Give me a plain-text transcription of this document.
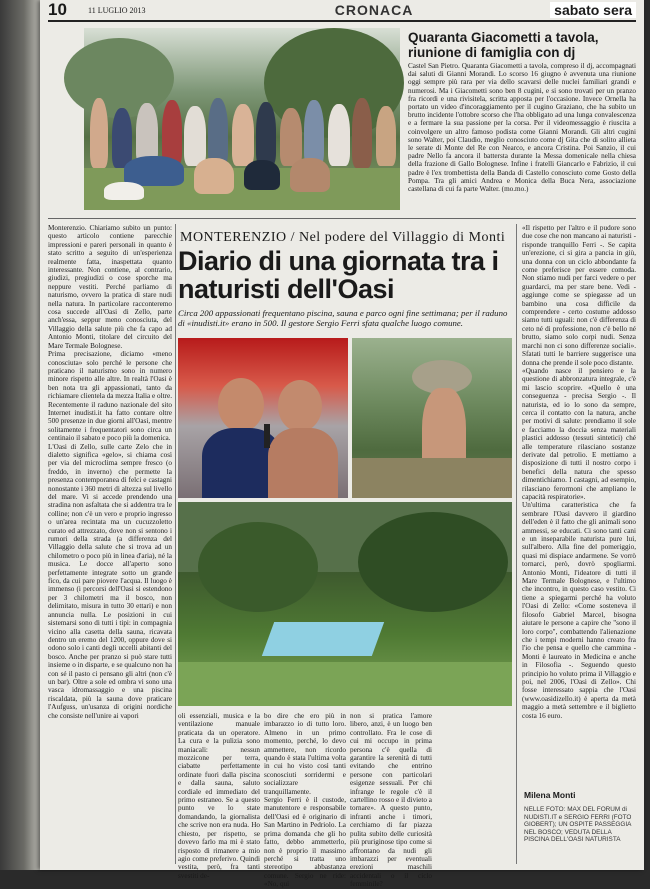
10	11 LUGLIO 2013	CRONACA	sabato sera
Quaranta Giacometti a tavola, riunione di famiglia con dj
Castel San Pietro. Quaranta Giacometti a tavola, compreso il dj, accompagnati dai saluti di Gianni Morandi. Lo scorso 16 giugno è avvenuta una riunione oggi sempre più rara per via dello scavarsi delle nuclei familiari grandi e numerosi. Ma i Giacometti sono ben 8 cugini, e si sono trovati per un pranzo fra ricordi e una rivisitela, scritta apposta per l'occasione. Invece Ornella ha portato un video d'incoraggiamento per il cugino Graziano, che ha subito un brutto incidente l'ottobre scorso che l'ha obbligato ad una lunga convalescenza e a fermare la sua passione per la corsa. Per il videomessaggio è riuscita a coinvolgere un altro famoso podista come Gianni Morandi. Gli altri cugini sono Walter, poi Claudio, meglio conosciuto come dj Gita che di solito allieta le serate di Monte del Re con Nearco, e ancora Cristina. Poi Sanzio, il cui padre Nello fa ancora il battersta durante la Messa domenicale nella chiesa della frazione di Gallo Bolognese. Infine i fratelli Giancarlo e Fabrizio, il cui padre è l'ex trombettista della Banda di Castello conosciuto come Gosto della Pompa. Tra gli amici Andrea e Monica della Buca Nera, associazione castellana di cui fa parte Walter. (mo.mo.)
Monterenzio. Chiariamo subito un punto: questo articolo contiene parecchie impressioni e pareri personali in quanto è stato scritto a seguito di un'esperienza realmente fatta, inaspettata quanto interessante. Non contiene, al contrario, giudizi, pregiudizi o cose sporche ma neppure vestiti. Perché parliamo di naturismo, ovvero la pratica di stare nudi nella natura. In particolare racconteremo cosa succede all'Oasi di Zello, parte anch'essa, seppur meno conosciuta, del Villaggio della salute più che fa capo ad Antonio Monti, titolare del circuito del Mare Termale Bolognese.
Prima precisazione, diciamo «meno conosciuta» solo perché le persone che praticano il naturismo sono in numero minore rispetto alle altre. In realtà l'Oasi è ben nota tra gli appassionati, tanto da richiamare clientela da mezza Italia e oltre. Recentemente il raduno nazionale del sito Internet inudisti.it ha fatto contare oltre 500 presenze in due giorni all'Oasi, mentre solitamente i frequentatori sono circa un centinaio il sabato e poco più la domenica.
L'Oasi di Zello, sulle carte Zelo che in dialetto significa «gelo», si chiama così per via del microclima sempre fresco (o freddo, in inverno) che permette la presenza contemporanea di felci e castagni nonostante i 360 metri di altezza sul livello del mare. Vi si accede prendendo una stradina non asfaltata che si addentra tra le colline; non c'è un vero e proprio ingresso o un'area recintata ma un cucuzzoletto curato ed attrezzato, dove non si sentono i rumori della strada (a differenza del Villaggio della salute che si trova ad un chilometro o poco più in linea d'aria), né la musica. Le docce all'aperto sono perfettamente integrate sotto un grande fico, da cui pare piovere l'acqua. Il luogo è immenso (i percorsi dell'Oasi si estendono per 3 chilometri ma il bosco, non delimitato, misura in tutto 30 ettari) e non annuncia nulla. Le posizioni in cui sistemarsi sono di tutti i tipi: in compagnia vicino alla casetta della sauna, ricavata dentro un eremo del 1200, oppure dove si odono solo i canti degli uccelli abitanti del bosco. Anche per pranzo si può stare tutti insieme o in disparte, e se qualcuno non ha con sé il pasto ci pensano gli altri (non c'è un bar). Oltre a sole ed ombra vi sono una vasca idromassaggio e una piscina riscaldata, più la sauna dove praticare l'Aufguss, un'usanza di origini nordiche che consiste nell'unire ai vapori
MONTERENZIO / Nel podere del Villaggio di Monti
Diario di una giornata tra i naturisti dell'Oasi
Circa 200 appassionati frequentano piscina, sauna e parco ogni fine settimana; per il raduno di «inudisti.it» erano in 500. Il gestore Sergio Ferri sfata qualche luogo comune.
oli essenziali, musica e la ventilazione manuale praticata da un operatore. La cura e la pulizia sono maniacali: nessun mozzicone per terra, ciabatte perfettamente ordinate fuori dalla piscina e dalla sauna, saluto cordiale ed immediato del primo estraneo. Se a questo punto ve lo state domandando, la giornalista che scrive non era nuda. Ho chiesto, per rispetto, se dovevo farlo ma mi è stato risposto di rimanere a mio agio come preferivo. Quindi vestita, però, fra tanti svestiti de-
bo dire che ero più in imbarazzo io di tutto loro. Almeno in un primo momento, perché, lo devo ammettere, non ricordo quando è stata l'ultima volta in cui ho visto così tanti sconosciuti sorridermi e socializzare tranquillamente.
Sergio Ferri è il custode, manutentore e responsabile dell'Oasi ed è originario di San Martino in Pedriolo. La prima domanda che gli ho fatto, debbo ammetterlo, non è proprio il massimo perché si tratta uno stereotipo abbastanza comune. Sergio ne ride: «No, qui
non si pratica l'amore libero, anzi, è un luogo ben controllato. Fra le cose di cui mi occupo in prima persona c'è quella di garantire la serenità di tutti evitando che entrino persone con particolari esigenze sessuali. Per chi infrange le regole c'è il cartellino rosso e il divieto a tornare». A questo punto, infranti anche i timori, cerchiamo di far piazza pulita subito delle curiosità più pruriginose tipo come si affrontano da nudi gli imbarazzi per eventuali erezioni maschili accidentali o il ciclo femminile?
«Il rispetto per l'altro e il pudore sono due cose che non mancano ai naturisti - risponde tranquillo Ferri -. Se capita un'erezione, ci si gira a pancia in giù, una donna con un ciclo abbondante fa come preferisce per essere comoda. Non stiamo nudi per farci vedere o per guardarci, ma per stare bene. Vedi - aggiunge come se spiegasse ad un bambino una cosa difficile da comprendere - certo costume addosso siamo tutti uguali: non c'è differenza di ceto né di professione, non c'è bello né brutto, siamo solo corpi nudi. Senza marchi non ci sono differenze sociali». Sfatati tutti le barriere suggerisce una donna che prende il sole poco distante.
«Quando nasce il pensiero e la questione di abbronzatura integrale, c'è mi lascio scoprire. «Quello è una conseguenza - precisa Sergio -. Il naturista, ed io lo sono da sempre, cerca il contatto con la natura, anche per motivi di salute: prendiamo il sole e facciamo la doccia senza materiali plastici addosso (tessuti sintetici) ché alle temperature rilasciano sostanze derivate dal petrolio. E mettiamo a disposizione di tutti il nostro corpo i benefici della natura che spesso dimentichiamo. I castagni, ad esempio, rilasciano ferormoni che ampliano le capacità respiratorie».
Un'ultima caratteristica che fa sembrare l'Oasi davvero il giardino dell'eden è il fatto che gli animali sono ammessi, se educati. Ci sono tanti cani e un inseparabile naturista pure lui, sull'albero. Alla fine del pomeriggio, quasi mi dispiace andarmene. Se vorrò tornarci, però, dovrò spogliarmi. Antonio Monti, l'ideatore di tutti il Mare Termale Bolognese, e l'ultimo che incontro, in questo caso vestito. Ci tiene a spiegarmi perché ha voluto l'Oasi di Zello: «Come sosteneva il filosofo Gabriel Marcel, bisogna aiutare le persone a capire che "sono il loro corpo", combattendo l'alienazione che i tempi moderni hanno creato fra l'io che pensa e quello che camminа - Monti è laureato in Medicina e anche in Filosofia -. Seguendo questo principio ho voluto prima il Villaggio e poi, nel 2006, l'Oasi di Zello». Chi fosse interessato sappia che l'Oasi (www.oasidizello.it) è aperta da metà maggio a metà settembre e il biglietto costa 16 euro.
Milena Monti
NELLE FOTO: MAX DEL FORUM di NUDISTI.IT e SERGIO FERRI (FOTO GIOBERT); UN OSPITE PASSEGGIA NEL BOSCO; VEDUTA DELLA PISCINA DELL'OASI NATURISTA
